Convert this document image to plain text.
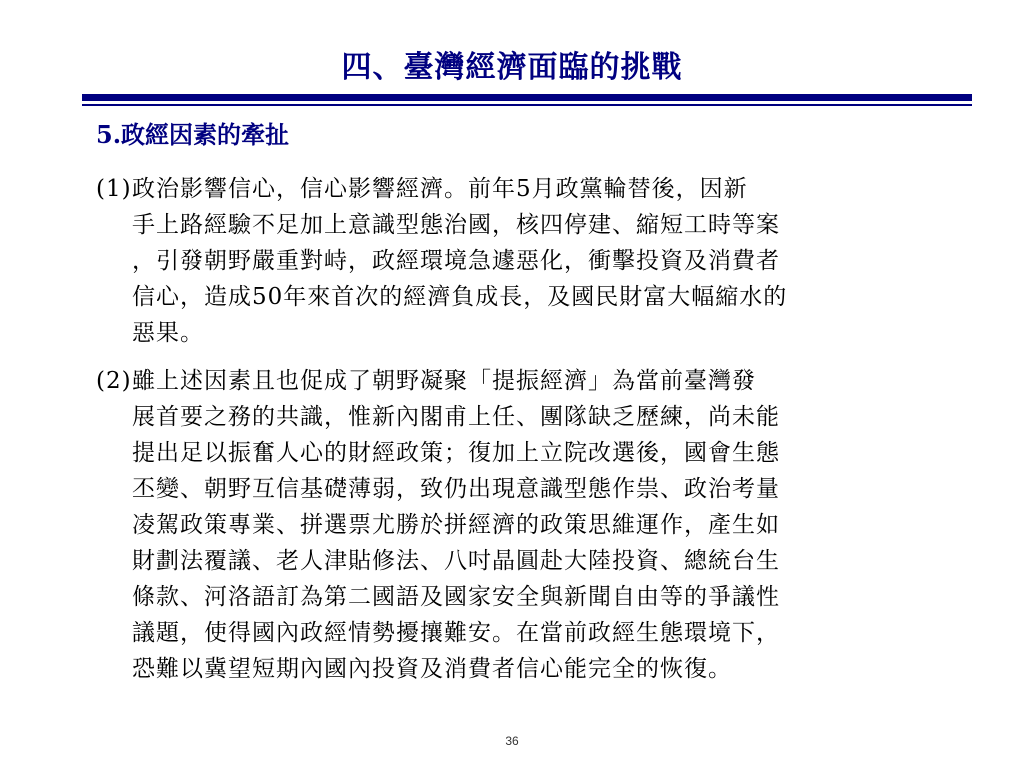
四、臺灣經濟面臨的挑戰
5.政經因素的牽扯
(1) 政治影響信心，信心影響經濟。前年5月政黨輪替後，因新
手上路經驗不足加上意識型態治國，核四停建、縮短工時等案
，引發朝野嚴重對峙，政經環境急遽惡化，衝擊投資及消費者
信心，造成50年來首次的經濟負成長，及國民財富大幅縮水的
惡果。
(2) 雖上述因素且也促成了朝野凝聚「提振經濟」為當前臺灣發
展首要之務的共識，惟新內閣甫上任、團隊缺乏歷練，尚未能
提出足以振奮人心的財經政策；復加上立院改選後，國會生態
丕變、朝野互信基礎薄弱，致仍出現意識型態作祟、政治考量
凌駕政策專業、拼選票尤勝於拼經濟的政策思維運作，產生如
財劃法覆議、老人津貼修法、八吋晶圓赴大陸投資、總統台生
條款、河洛語訂為第二國語及國家安全與新聞自由等的爭議性
議題，使得國內政經情勢擾攘難安。在當前政經生態環境下，
恐難以冀望短期內國內投資及消費者信心能完全的恢復。
36
